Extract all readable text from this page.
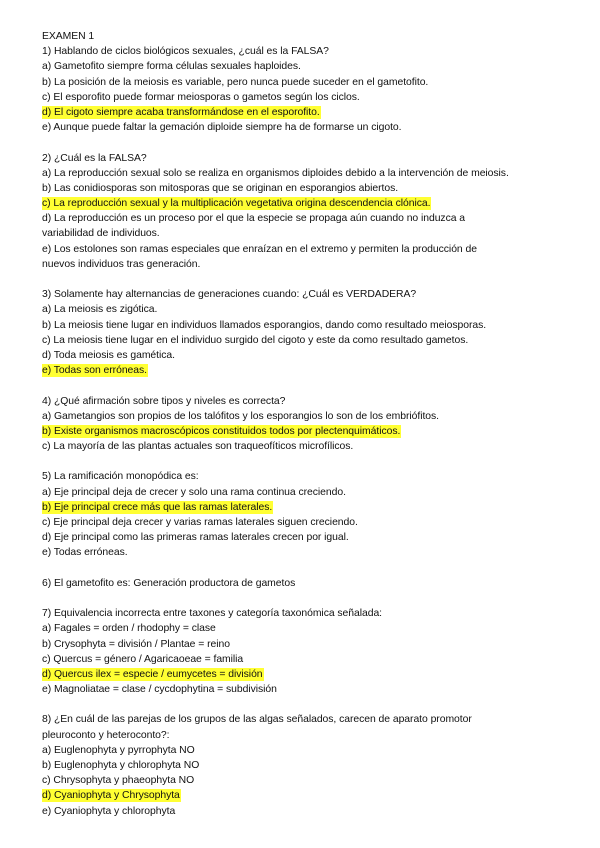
EXAMEN 1
1) Hablando de ciclos biológicos sexuales, ¿cuál es la FALSA?
a) Gametofito siempre forma células sexuales haploides.
b) La posición de la meiosis es variable, pero nunca puede suceder en el gametofito.
c) El esporofito puede formar meiosporas o gametos según los ciclos.
d) El cigoto siempre acaba transformándose en el esporofito.
e) Aunque puede faltar la gemación diploide siempre ha de formarse un cigoto.
2) ¿Cuál es la FALSA?
a) La reproducción sexual solo se realiza en organismos diploides debido a la intervención de meiosis.
b) Las conidiosporas son mitosporas que se originan en esporangios abiertos.
c) La reproducción sexual y la multiplicación vegetativa origina descendencia clónica.
d) La reproducción es un proceso por el que la especie se propaga aún cuando no induzca a
variabilidad de individuos.
e) Los estolones son ramas especiales que enraízan en el extremo y permiten la producción de
nuevos individuos tras generación.
3) Solamente hay alternancias de generaciones cuando: ¿Cuál es VERDADERA?
a) La meiosis es zigótica.
b) La meiosis tiene lugar en individuos llamados esporangios, dando como resultado meiosporas.
c) La meiosis tiene lugar en el individuo surgido del cigoto y este da como resultado gametos.
d) Toda meiosis es gamética.
e) Todas son erróneas.
4) ¿Qué afirmación sobre tipos y niveles es correcta?
a) Gametangios son propios de los talófitos y los esporangios lo son de los embriófitos.
b) Existe organismos macroscópicos constituidos todos por plectenquimáticos.
c) La mayoría de las plantas actuales son traqueofíticos microfílicos.
5) La ramificación monopódica es:
a) Eje principal deja de crecer y solo una rama continua creciendo.
b) Eje principal crece más que las ramas laterales.
c) Eje principal deja crecer y varias ramas laterales siguen creciendo.
d) Eje principal como las primeras ramas laterales crecen por igual.
e) Todas erróneas.
6) El gametofito es: Generación productora de gametos
7) Equivalencia incorrecta entre taxones y categoría taxonómica señalada:
a) Fagales = orden / rhodophy = clase
b) Crysophyta = división / Plantae = reino
c) Quercus = género / Agaricaoeae = familia
d) Quercus ilex = especie / eumycetes = división
e) Magnoliatae = clase / cycdophytina = subdivisión
8) ¿En cuál de las parejas de los grupos de las algas señalados, carecen de aparato promotor
pleuroconto y heteroconto?:
a) Euglenophyta y pyrrophyta NO
b) Euglenophyta y chlorophyta NO
c) Chrysophyta y phaeophyta NO
d) Cyaniophyta y Chrysophyta
e) Cyaniophyta y chlorophyta
